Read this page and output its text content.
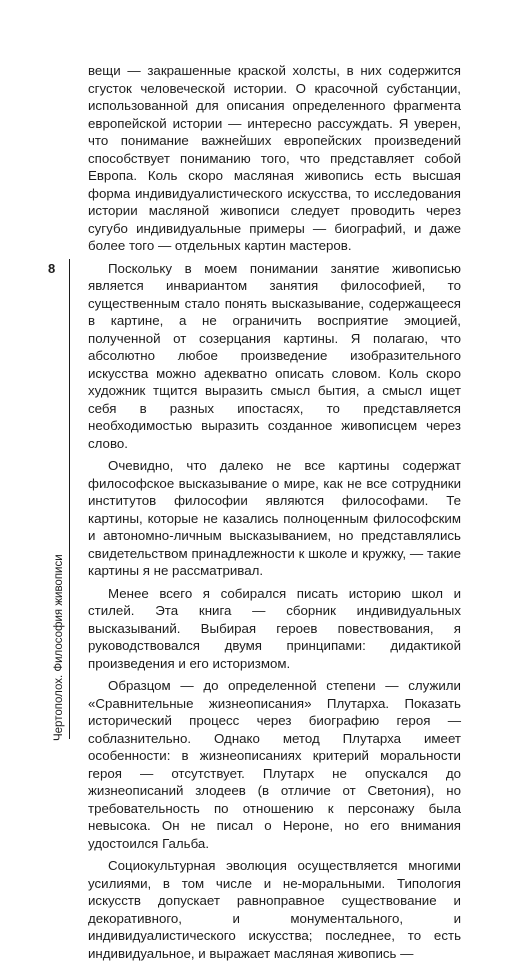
8
Чертополох. Философия живописи

вещи — закрашенные краской холсты, в них содержится сгусток человеческой истории. О красочной субстанции, использованной для описания определенного фрагмента европейской истории — интересно рассуждать. Я уверен, что понимание важнейших европейских произведений способствует пониманию того, что представляет собой Европа. Коль скоро масляная живопись есть высшая форма индивидуалистического искусства, то исследования истории масляной живописи следует проводить через сугубо индивидуальные примеры — биографий, и даже более того — отдельных картин мастеров.

Поскольку в моем понимании занятие живописью является инвариантом занятия философией, то существенным стало понять высказывание, содержащееся в картине, а не ограничить восприятие эмоцией, полученной от созерцания картины. Я полагаю, что абсолютно любое произведение изобразительного искусства можно адекватно описать словом. Коль скоро художник тщится выразить смысл бытия, а смысл ищет себя в разных ипостасях, то представляется необходимостью выразить созданное живописцем через слово.

Очевидно, что далеко не все картины содержат философское высказывание о мире, как не все сотрудники институтов философии являются философами. Те картины, которые не казались полноценным философским и автономно-личным высказыванием, но представлялись свидетельством принадлежности к школе и кружку, — такие картины я не рассматривал.

Менее всего я собирался писать историю школ и стилей. Эта книга — сборник индивидуальных высказываний. Выбирая героев повествования, я руководствовался двумя принципами: дидактикой произведения и его историзмом.

Образцом — до определенной степени — служили «Сравнительные жизнеописания» Плутарха. Показать исторический процесс через биографию героя — соблазнительно. Однако метод Плутарха имеет особенности: в жизнеописаниях критерий моральности героя — отсутствует. Плутарх не опускался до жизнеописаний злодеев (в отличие от Светония), но требовательность по отношению к персонажу была невысока. Он не писал о Нероне, но его внимания удостоился Гальба.

Социокультурная эволюция осуществляется многими усилиями, в том числе и не-моральными. Типология искусств допускает равноправное существование и декоративного, и монументального, и индивидуалистического искусства; последнее, то есть индивидуальное, и выражает масляная живопись —
